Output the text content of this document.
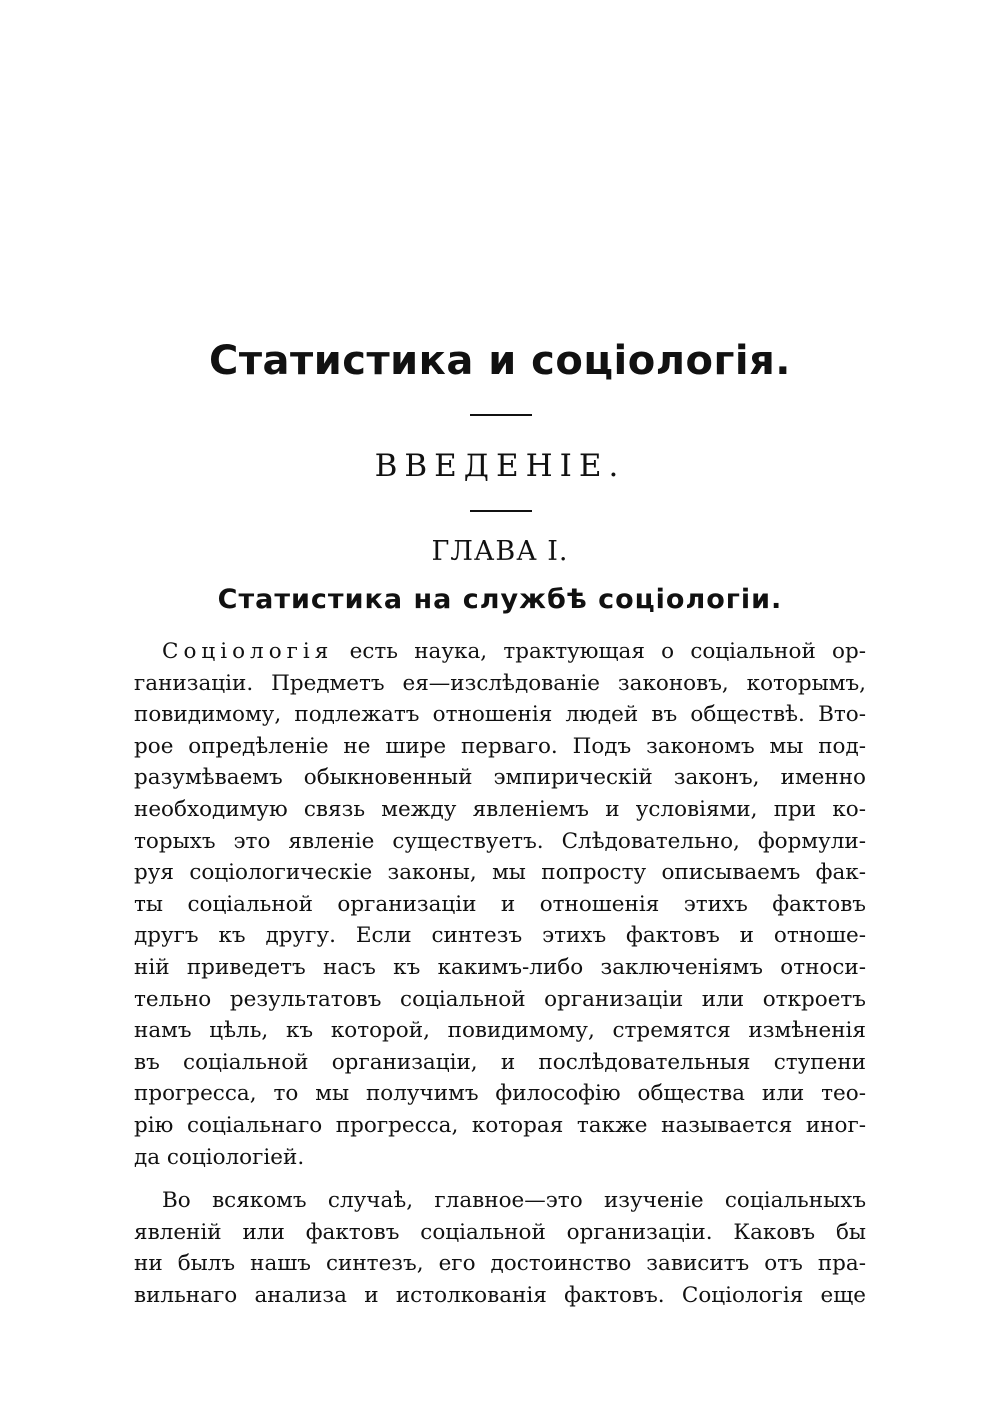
Статистика и соціологія.
ВВЕДЕНІЕ.
ГЛАВА I.
Статистика на службѣ соціологіи.
Соціологія есть наука, трактующая о соціальной ор-
ганизаціи. Предметъ ея—изслѣдованіе законовъ, которымъ,
повидимому, подлежатъ отношенія людей въ обществѣ. Вто-
рое опредѣленіе не шире перваго. Подъ закономъ мы под-
разумѣваемъ обыкновенный эмпирическій законъ, именно
необходимую связь между явленіемъ и условіями, при ко-
торыхъ это явленіе существуетъ. Слѣдовательно, формули-
руя соціологическіе законы, мы попросту описываемъ фак-
ты соціальной организаціи и отношенія этихъ фактовъ
другъ къ другу. Если синтезъ этихъ фактовъ и отноше-
ній приведетъ насъ къ какимъ-либо заключеніямъ относи-
тельно результатовъ соціальной организаціи или откроетъ
намъ цѣль, къ которой, повидимому, стремятся измѣненія
въ соціальной организаціи, и послѣдовательныя ступени
прогресса, то мы получимъ философію общества или тео-
рію соціальнаго прогресса, которая также называется иног-
да соціологіей.
Во всякомъ случаѣ, главное—это изученіе соціальныхъ
явленій или фактовъ соціальной организаціи. Каковъ бы
ни былъ нашъ синтезъ, его достоинство зависитъ отъ пра-
вильнаго анализа и истолкованія фактовъ. Соціологія еще
